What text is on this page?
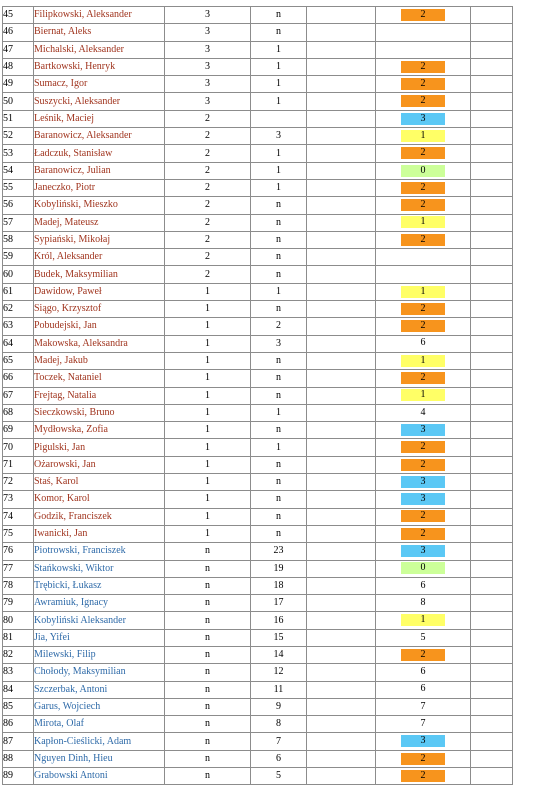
45	Filipkowski, Aleksander	3	n		2	
46	Biernat, Aleks	3	n			
47	Michalski, Aleksander	3	1			
48	Bartkowski, Henryk	3	1		2	
49	Sumacz, Igor	3	1		2	
50	Suszycki, Aleksander	3	1		2	
51	Leśnik, Maciej	2			3	
52	Baranowicz, Aleksander	2	3		1	
53	Ładczuk, Stanisław	2	1		2	
54	Baranowicz, Julian	2	1		0	
55	Janeczko, Piotr	2	1		2	
56	Kobyliński, Mieszko	2	n		2	
57	Madej, Mateusz	2	n		1	
58	Sypiański, Mikołaj	2	n		2	
59	Król, Aleksander	2	n			
60	Budek, Maksymilian	2	n			
61	Dawidow, Paweł	1	1		1	
62	Siągo, Krzysztof	1	n		2	
63	Pobudejski, Jan	1	2		2	
64	Makowska, Aleksandra	1	3		6	
65	Madej, Jakub	1	n		1	
66	Toczek, Nataniel	1	n		2	
67	Frejtag, Natalia	1	n		1	
68	Sieczkowski, Bruno	1	1		4	
69	Mydłowska, Zofia	1	n		3	
70	Pigulski, Jan	1	1		2	
71	Ożarowski, Jan	1	n		2	
72	Staś, Karol	1	n		3	
73	Komor, Karol	1	n		3	
74	Godzik, Franciszek	1	n		2	
75	Iwanicki, Jan	1	n		2	
76	Piotrowski, Franciszek	n	23		3	
77	Stańkowski, Wiktor	n	19		0	
78	Trębicki, Łukasz	n	18		6	
79	Awramiuk, Ignacy	n	17		8	
80	Kobyliński Aleksander	n	16		1	
81	Jia, Yifei	n	15		5	
82	Milewski, Filip	n	14		2	
83	Chołody, Maksymilian	n	12		6	
84	Szczerbak, Antoni	n	11		6	
85	Garus, Wojciech	n	9		7	
86	Mirota, Olaf	n	8		7	
87	Kapłon-Cieślicki, Adam	n	7		3	
88	Nguyen Dinh, Hieu	n	6		2	
89	Grabowski Antoni	n	5		2	
